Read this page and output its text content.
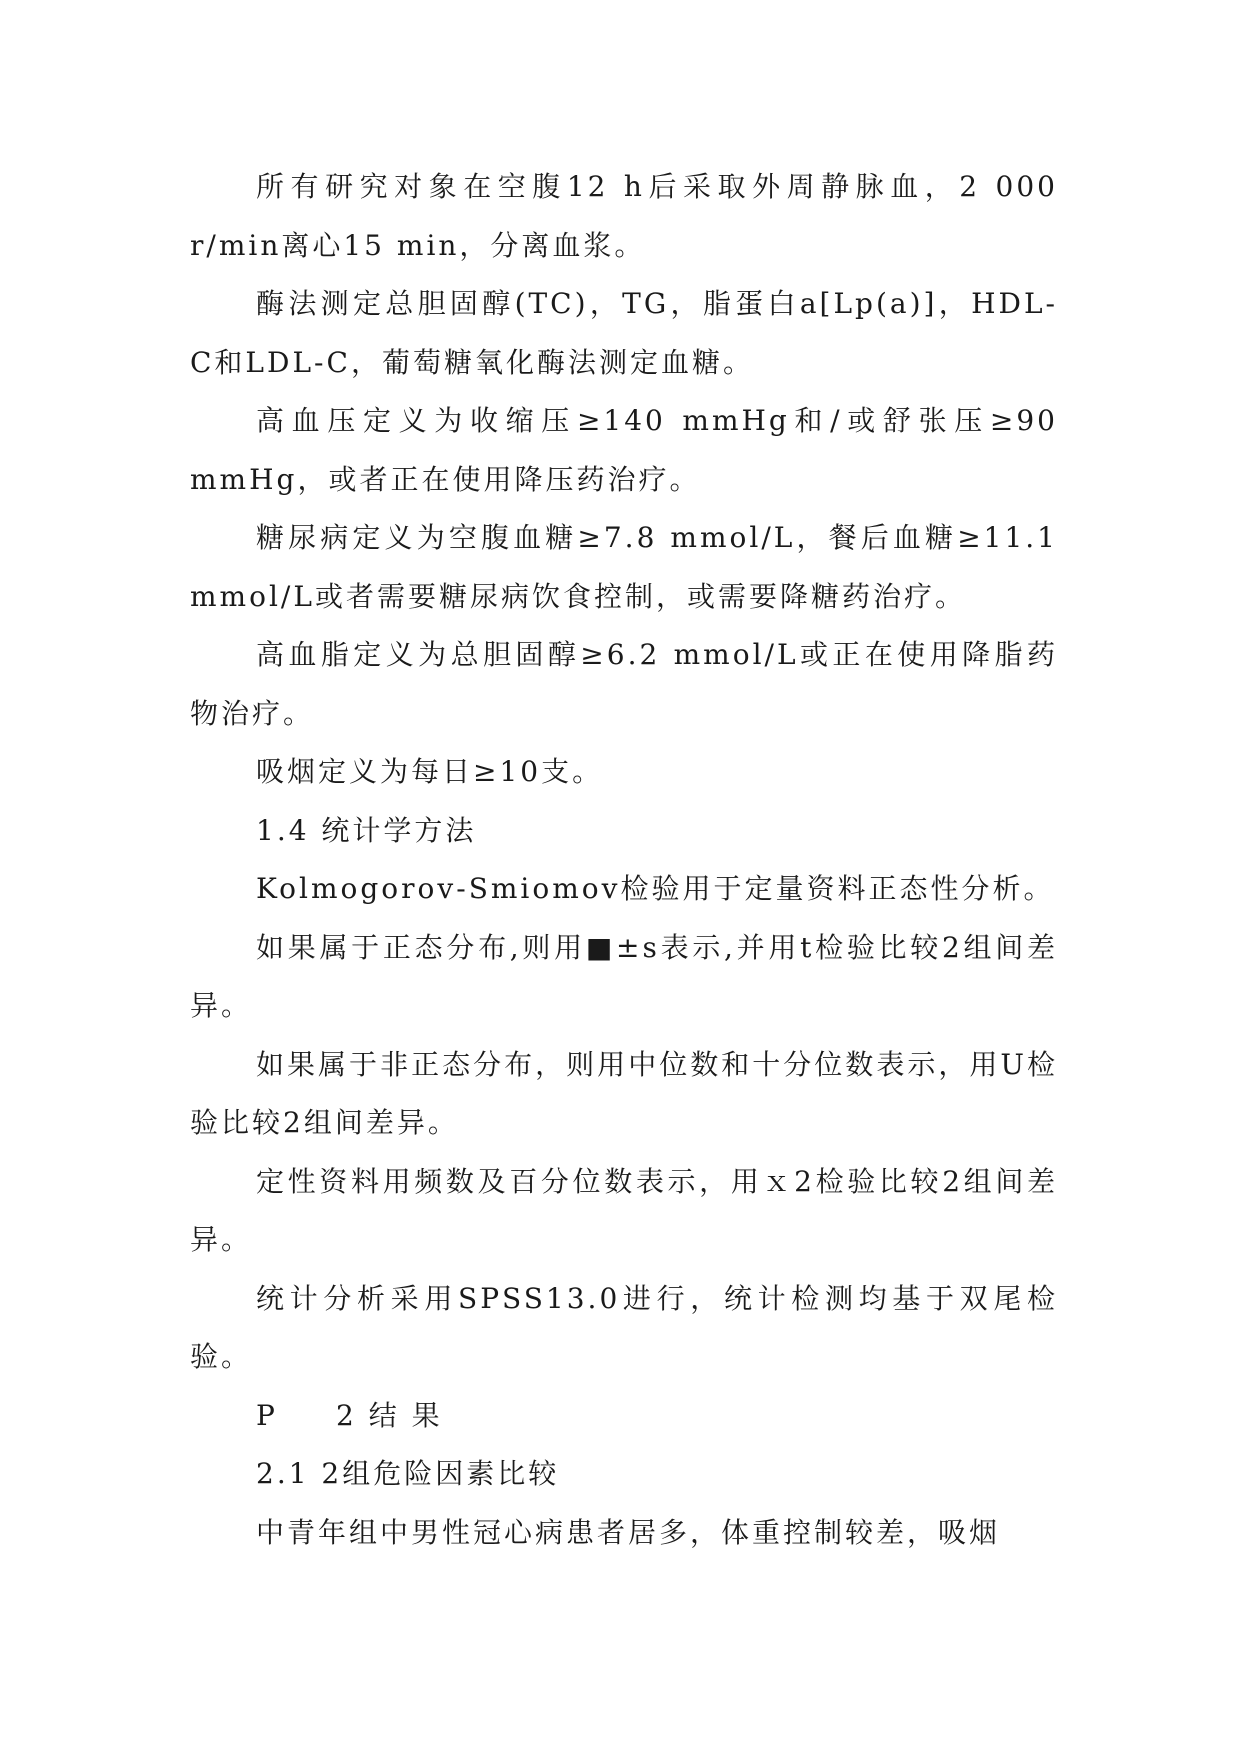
所有研究对象在空腹12 h后采取外周静脉血，2 000 r/min离心15 min，分离血浆。

酶法测定总胆固醇(TC)，TG，脂蛋白a[Lp(a)]，HDL-C和LDL-C，葡萄糖氧化酶法测定血糖。

高血压定义为收缩压≥140 mmHg和/或舒张压≥90 mmHg，或者正在使用降压药治疗。

糖尿病定义为空腹血糖≥7.8 mmol/L，餐后血糖≥11.1 mmol/L或者需要糖尿病饮食控制，或需要降糖药治疗。

高血脂定义为总胆固醇≥6.2 mmol/L或正在使用降脂药物治疗。

吸烟定义为每日≥10支。

1.4 统计学方法

Kolmogorov-Smiomov检验用于定量资料正态性分析。

如果属于正态分布,则用■±s表示,并用t检验比较2组间差异。

如果属于非正态分布，则用中位数和十分位数表示，用U检验比较2组间差异。

定性资料用频数及百分位数表示，用ｘ2检验比较2组间差异。

统计分析采用SPSS13.0进行，统计检测均基于双尾检验。

P 2 结 果

2.1 2组危险因素比较

中青年组中男性冠心病患者居多，体重控制较差，吸烟
